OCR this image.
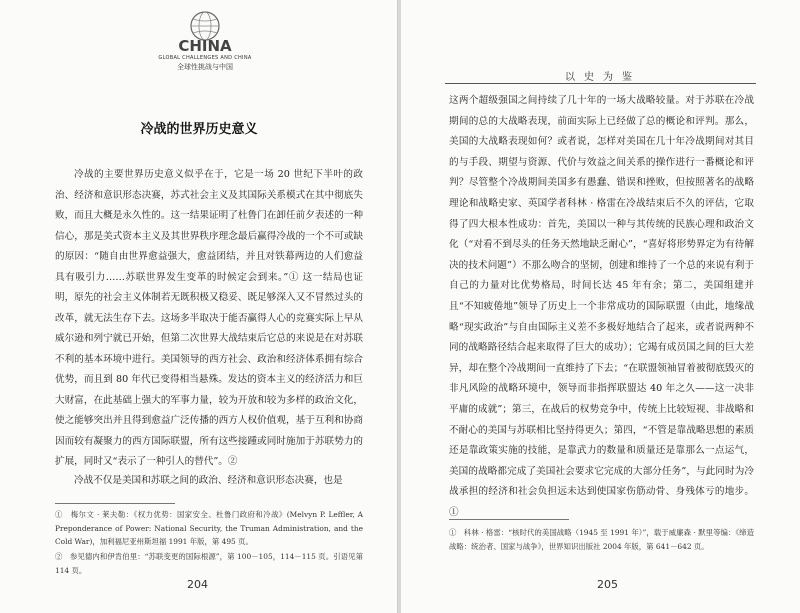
CHINA
GLOBAL CHALLENGES AND CHINA
全球性挑战与中国
冷战的世界历史意义

冷战的主要世界历史意义似乎在于，它是一场 20 世纪下半叶的政治、经济和意识形态决赛，苏式社会主义及其国际关系模式在其中彻底失败，而且大概是永久性的。这一结果证明了杜鲁门在卸任前夕表述的一种信心，那是美式资本主义及其世界秩序理念最后赢得冷战的一个不可或缺的原因：“随自由世界愈益强大，愈益团结，并且对铁幕两边的人们愈益具有吸引力……苏联世界发生变革的时候定会到来。”① 这一结局也证明，原先的社会主义体制若无既积极又稳妥、既足够深入又不冒然过头的改革，就无法生存下去。这场多半取决于能否赢得人心的竞赛实际上早从威尔逊和列宁就已开始，但第二次世界大战结束后它总的来说是在对苏联不利的基本环境中进行。美国领导的西方社会、政治和经济体系拥有综合优势，而且到 80 年代已变得相当悬殊。发达的资本主义的经济活力和巨大财富，在此基础上强大的军事力量，较为开放和较为多样的政治文化，使之能够突出并且得到愈益广泛传播的西方人权价值观，基于互利和协商因而较有凝聚力的西方国际联盟，所有这些接踵或同时施加于苏联势力的扩展，同时又“表示了一种引人的替代”。②

冷战不仅是美国和苏联之间的政治、经济和意识形态决赛，也是

①　梅尔文 · 莱夫勒：《权力优势：国家安全、杜鲁门政府和冷战》(Melvyn P. Leffler, A Preponderance of Power: National Security, the Truman Administration, and the Cold War)，加利福尼亚州斯坦福 1991 年版，第 495 页。

②　参见德内和伊肯伯里：“苏联变更的国际根源”，第 100－105，114－115 页。引语见第 114 页。

204
以史为鉴

这两个超级强国之间持续了几十年的一场大战略较量。对于苏联在冷战期间的总的大战略表现，前面实际上已经做了总的概论和评判。那么，美国的大战略表现如何？或者说，怎样对美国在几十年冷战期间对其目的与手段、期望与资源、代价与效益之间关系的操作进行一番概论和评判？尽管整个冷战期间美国多有愚蠢、错误和挫败，但按照著名的战略理论和战略史家、英国学者科林 · 格雷在冷战结束后不久的评估，它取得了四大根本性成功：首先，美国以一种与其传统的民族心理和政治文化（“对看不到尽头的任务天然地缺乏耐心”，“喜好将形势界定为有待解决的技术问题”）不那么吻合的坚韧，创建和维持了一个总的来说有利于自己的力量对比优势格局，时间长达 45 年有余；第二，美国组建并且“不知疲倦地”领导了历史上一个非常成功的国际联盟（由此，地缘战略“现实政治”与自由国际主义差不多极好地结合了起来，或者说两种不同的战略路径结合起来取得了巨大的成功）；它竭有成员国之间的巨大差异，却在整个冷战期间一直维持了下去；“在联盟领袖冒着被彻底毁灭的非凡风险的战略环境中，领导而非指挥联盟达 40 年之久——这一决非平庸的成就”；第三，在战后的权势竞争中，传统上比较短视、非战略和不耐心的美国与苏联相比坚持得更久；第四，“不管是靠战略思想的素质还是靠政策实施的技能，是靠武力的数量和质量还是靠那么一点运气，美国的战略都完成了美国社会要求它完成的大部分任务”，与此同时为冷战承担的经济和社会负担远未达到使国家伤筋动骨、身残体亏的地步。①

①　科林 · 格雷：“核时代的美国战略（1945 至 1991 年）”，载于威廉森 · 默里等编：《缔造战略：统治者、国家与战争》，世界知识出版社 2004 年版，第 641－642 页。

205
